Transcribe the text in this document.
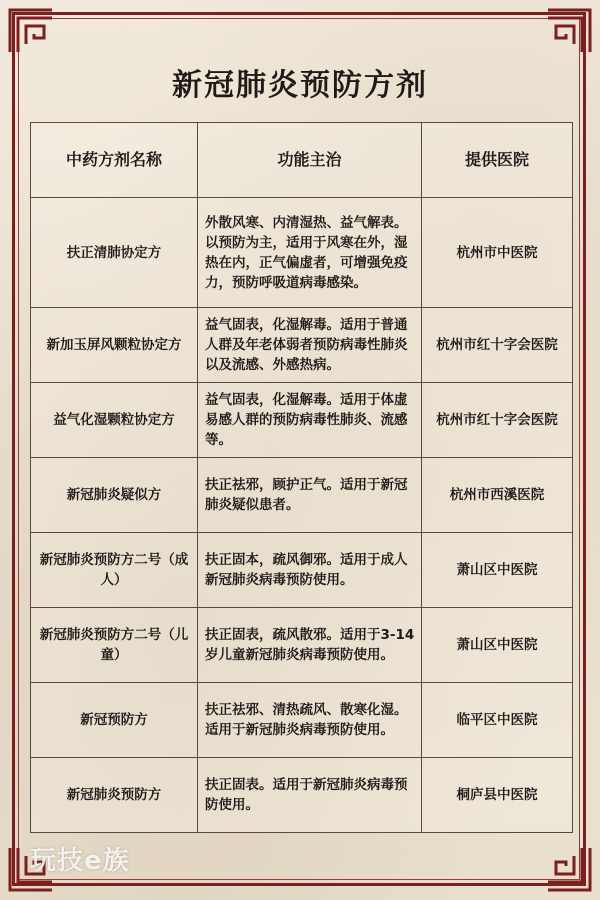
新冠肺炎预防方剂
中药方剂名称	功能主治	提供医院
扶正清肺协定方	外散风寒、内清湿热、益气解表。以预防为主，适用于风寒在外，湿热在内，正气偏虚者，可增强免疫力，预防呼吸道病毒感染。	杭州市中医院
新加玉屏风颗粒协定方	益气固表，化湿解毒。适用于普通人群及年老体弱者预防病毒性肺炎以及流感、外感热病。	杭州市红十字会医院
益气化湿颗粒协定方	益气固表，化湿解毒。适用于体虚易感人群的预防病毒性肺炎、流感等。	杭州市红十字会医院
新冠肺炎疑似方	扶正祛邪，顾护正气。适用于新冠肺炎疑似患者。	杭州市西溪医院
新冠肺炎预防方二号（成人）	扶正固本，疏风御邪。适用于成人新冠肺炎病毒预防使用。	萧山区中医院
新冠肺炎预防方二号（儿童）	扶正固表，疏风散邪。适用于3-14岁儿童新冠肺炎病毒预防使用。	萧山区中医院
新冠预防方	扶正祛邪、清热疏风、散寒化湿。适用于新冠肺炎病毒预防使用。	临平区中医院
新冠肺炎预防方	扶正固表。适用于新冠肺炎病毒预防使用。	桐庐县中医院
玩技e族
